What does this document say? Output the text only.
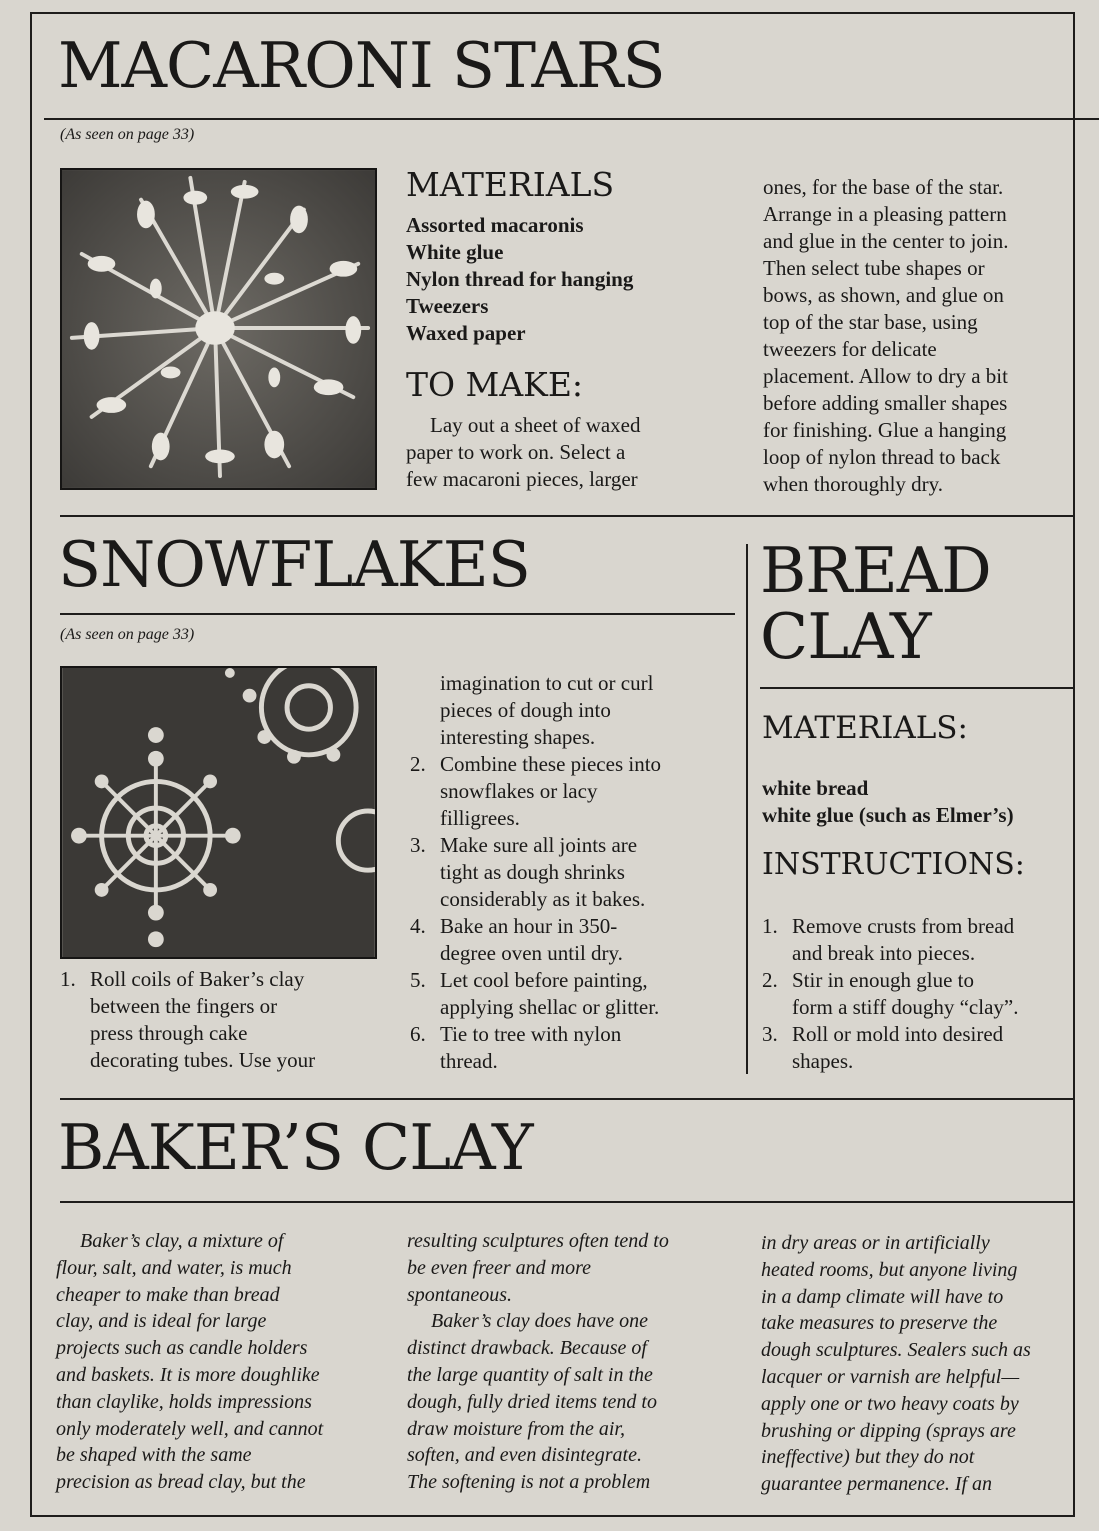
MACARONI STARS

(As seen on page 33)

MATERIALS
Assorted macaronis
White glue
Nylon thread for hanging
Tweezers
Waxed paper
TO MAKE:
Lay out a sheet of waxed
paper to work on. Select a
few macaroni pieces, larger
ones, for the base of the star.
Arrange in a pleasing pattern
and glue in the center to join.
Then select tube shapes or
bows, as shown, and glue on
top of the star base, using
tweezers for delicate
placement. Allow to dry a bit
before adding smaller shapes
for finishing. Glue a hanging
loop of nylon thread to back
when thoroughly dry.
SNOWFLAKES

(As seen on page 33)

1. Roll coils of Baker’s clay
between the fingers or
press through cake
decorating tubes. Use your
imagination to cut or curl
pieces of dough into
interesting shapes.
2. Combine these pieces into
snowflakes or lacy
filligrees.
3. Make sure all joints are
tight as dough shrinks
considerably as it bakes.
4. Bake an hour in 350-
degree oven until dry.
5. Let cool before painting,
applying shellac or glitter.
6. Tie to tree with nylon
thread.
BREAD
CLAY
MATERIALS:
white bread
white glue (such as Elmer’s)
INSTRUCTIONS:
1. Remove crusts from bread
and break into pieces.
2. Stir in enough glue to
form a stiff doughy “clay”.
3. Roll or mold into desired
shapes.
BAKER’S CLAY

Baker’s clay, a mixture of
flour, salt, and water, is much
cheaper to make than bread
clay, and is ideal for large
projects such as candle holders
and baskets. It is more doughlike
than claylike, holds impressions
only moderately well, and cannot
be shaped with the same
precision as bread clay, but the

resulting sculptures often tend to
be even freer and more
spontaneous.

Baker’s clay does have one
distinct drawback. Because of
the large quantity of salt in the
dough, fully dried items tend to
draw moisture from the air,
soften, and even disintegrate.
The softening is not a problem

in dry areas or in artificially
heated rooms, but anyone living
in a damp climate will have to
take measures to preserve the
dough sculptures. Sealers such as
lacquer or varnish are helpful—
apply one or two heavy coats by
brushing or dipping (sprays are
ineffective) but they do not
guarantee permanence. If an
